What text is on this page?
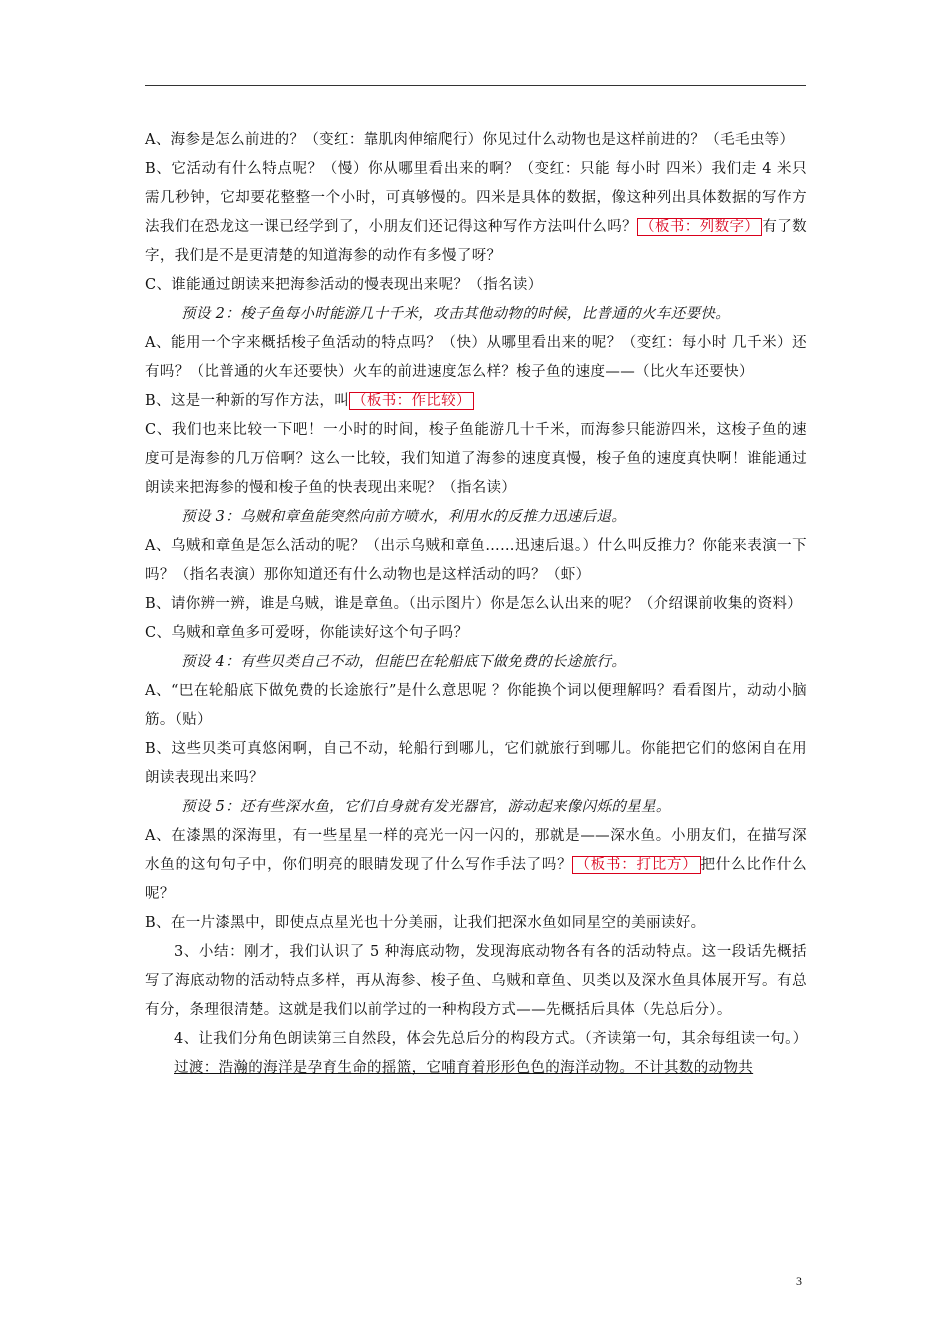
A、海参是怎么前进的？（变红：靠肌肉伸缩爬行）你见过什么动物也是这样前进的？（毛毛虫等）

B、它活动有什么特点呢？（慢）你从哪里看出来的啊？（变红：只能 每小时 四米）我们走 4 米只需几秒钟，它却要花整整一个小时，可真够慢的。四米是具体的数据，像这种列出具体数据的写作方法我们在恐龙这一课已经学到了，小朋友们还记得这种写作方法叫什么吗？ （板书：列数字） 有了数字，我们是不是更清楚的知道海参的动作有多慢了呀？

C、谁能通过朗读来把海参活动的慢表现出来呢？（指名读）

预设 2：梭子鱼每小时能游几十千米，攻击其他动物的时候，比普通的火车还要快。

A、能用一个字来概括梭子鱼活动的特点吗？（快）从哪里看出来的呢？（变红：每小时 几千米）还有吗？（比普通的火车还要快）火车的前进速度怎么样？梭子鱼的速度——（比火车还要快）

B、这是一种新的写作方法，叫 （板书：作比较）

C、我们也来比较一下吧！一小时的时间，梭子鱼能游几十千米，而海参只能游四米，这梭子鱼的速度可是海参的几万倍啊？这么一比较，我们知道了海参的速度真慢，梭子鱼的速度真快啊！谁能通过朗读来把海参的慢和梭子鱼的快表现出来呢？（指名读）

预设 3：乌贼和章鱼能突然向前方喷水，利用水的反推力迅速后退。

A、乌贼和章鱼是怎么活动的呢？（出示乌贼和章鱼……迅速后退。）什么叫反推力？你能来表演一下吗？（指名表演）那你知道还有什么动物也是这样活动的吗？（虾）

B、请你辨一辨，谁是乌贼，谁是章鱼。（出示图片）你是怎么认出来的呢？（介绍课前收集的资料）

C、乌贼和章鱼多可爱呀，你能读好这个句子吗？

预设 4：有些贝类自己不动，但能巴在轮船底下做免费的长途旅行。

A、“巴在轮船底下做免费的长途旅行”是什么意思呢 ？你能换个词以便理解吗？看看图片，动动小脑筋。（贴）

B、这些贝类可真悠闲啊，自己不动，轮船行到哪儿，它们就旅行到哪儿。你能把它们的悠闲自在用朗读表现出来吗？

预设 5：还有些深水鱼，它们自身就有发光器官，游动起来像闪烁的星星。

A、在漆黑的深海里，有一些星星一样的亮光一闪一闪的，那就是——深水鱼。小朋友们，在描写深水鱼的这句句子中，你们明亮的眼睛发现了什么写作手法了吗？ （板书：打比方） 把什么比作什么呢？

B、在一片漆黑中，即使点点星光也十分美丽，让我们把深水鱼如同星空的美丽读好。

3、小结：刚才，我们认识了 5 种海底动物，发现海底动物各有各的活动特点。这一段话先概括写了海底动物的活动特点多样，再从海参、梭子鱼、乌贼和章鱼、贝类以及深水鱼具体展开写。有总有分，条理很清楚。这就是我们以前学过的一种构段方式——先概括后具体（先总后分）。

4、让我们分角色朗读第三自然段，体会先总后分的构段方式。（齐读第一句，其余每组读一句。）

过渡：浩瀚的海洋是孕育生命的摇篮，它哺育着形形色色的海洋动物。不计其数的动物共

3
